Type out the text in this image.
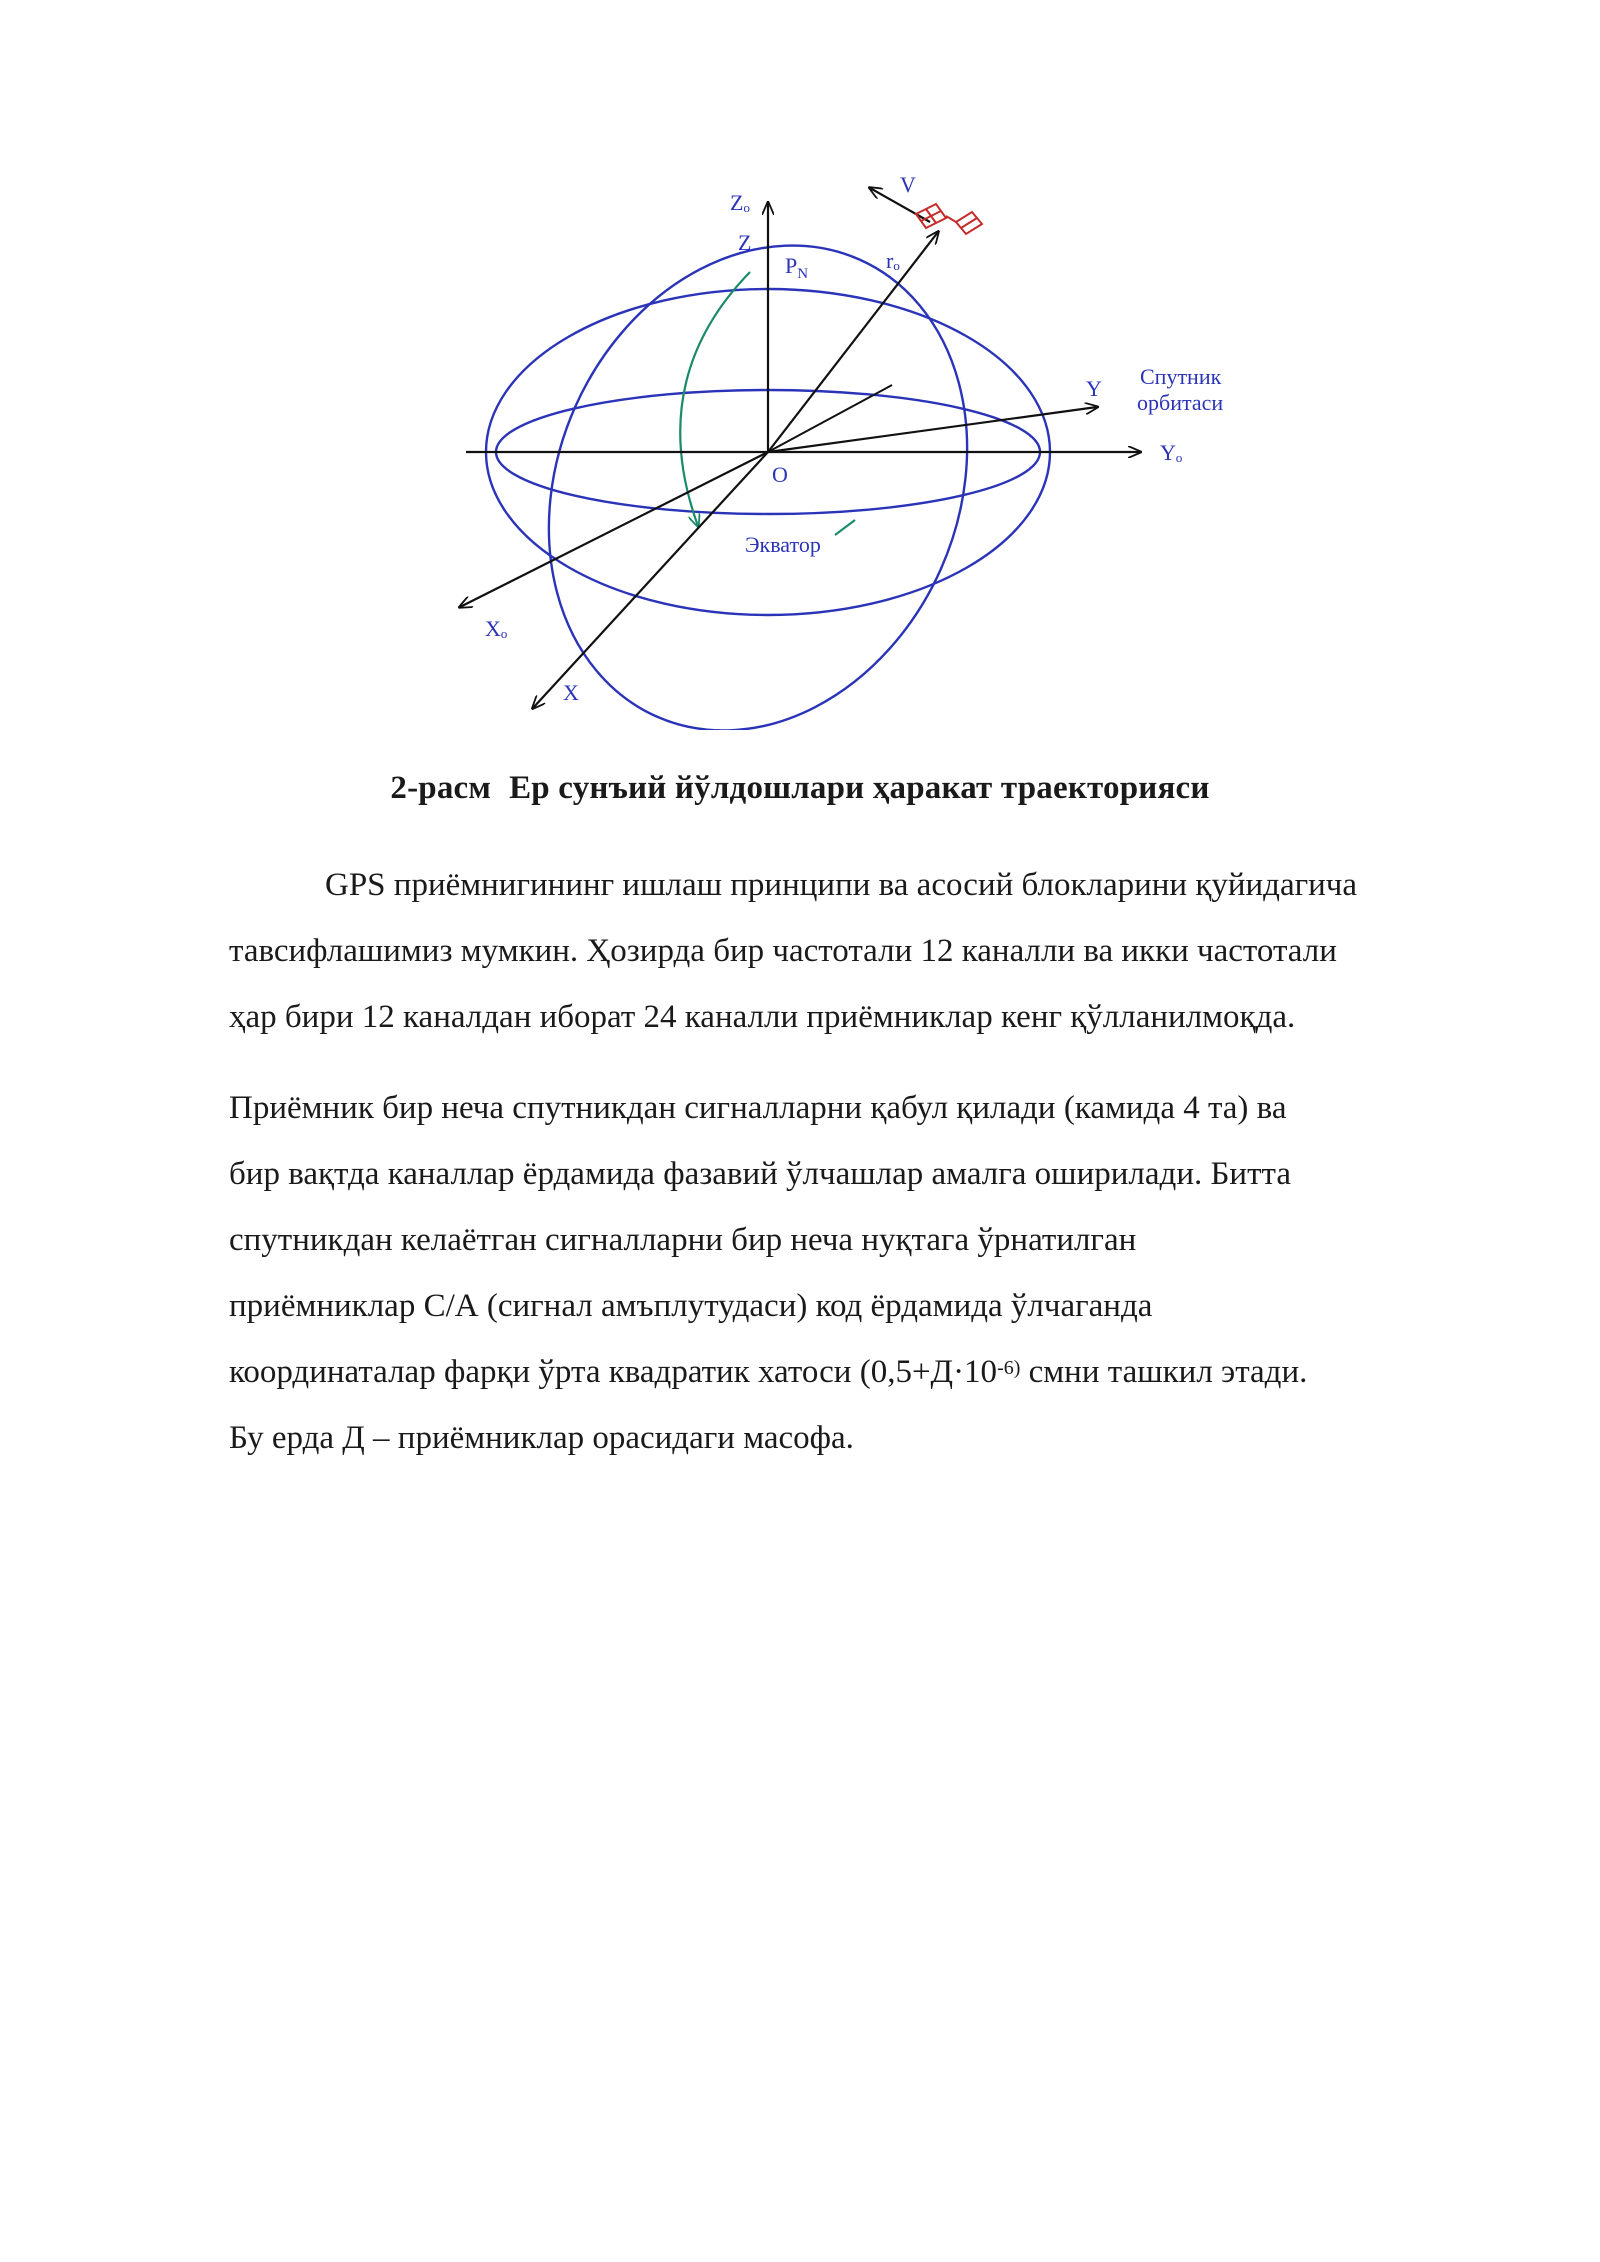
Zₒ
Z
V
rₒ
$P_N$
Y Спутник
орбитаси
Yₒ
O
Экватор
Xₒ
X
2-расм Ер сунъий йўлдошлари ҳаракат траекторияси
GPS приёмнигининг ишлаш принципи ва асосий блокларини қуйидагича
тавсифлашимиз мумкин. Ҳозирда бир частотали 12 каналли ва икки частотали
ҳар бири 12 каналдан иборат 24 каналли приёмниклар кенг қўлланилмоқда.
Приёмник бир неча спутникдан сигналларни қабул қилади (камида 4 та) ва
бир вақтда каналлар ёрдамида фазавий ўлчашлар амалга оширилади. Битта
спутникдан келаётган сигналларни бир неча нуқтага ўрнатилган
приёмниклар С/А (сигнал амъплутудаси) код ёрдамида ўлчаганда
координаталар фарқи ўрта квадратик хатоси ($0,5+Д\cdot 10^{-6)}$ смни ташкил этади.
Бу ерда Д – приёмниклар орасидаги масофа.
